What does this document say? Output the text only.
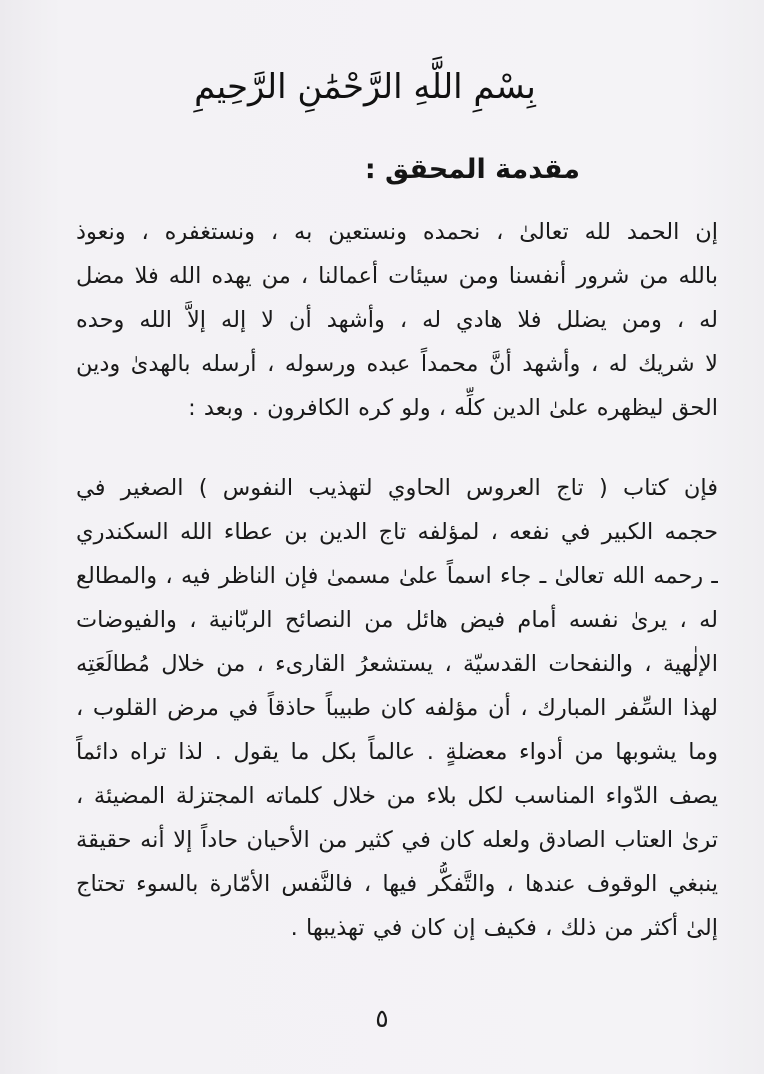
بِسْمِ اللَّهِ الرَّحْمَٰنِ الرَّحِيمِ
مقدمة المحقق :
إن الحمد لله تعالىٰ ، نحمده ونستعين به ، ونستغفره ، ونعوذ
بالله من شرور أنفسنا ومن سيئات أعمالنا ، من يهده الله فلا مضل
له ، ومن يضلل فلا هادي له ، وأشهد أن لا إله إلاَّ الله وحده
لا شريك له ، وأشهد أنَّ محمداً عبده ورسوله ، أرسله بالهدىٰ ودين
الحق ليظهره علىٰ الدين كلِّه ، ولو كره الكافرون . وبعد :
فإن كتاب ( تاج العروس الحاوي لتهذيب النفوس ) الصغير في
حجمه الكبير في نفعه ، لمؤلفه تاج الدين بن عطاء الله السكندري
ـ رحمه الله تعالىٰ ـ جاء اسماً علىٰ مسمىٰ فإن الناظر فيه ، والمطالع
له ، يرىٰ نفسه أمام فيض هائل من النصائح الربّانية ، والفيوضات
الإلٰهية ، والنفحات القدسيّة ، يستشعرُ القارىء ، من خلال مُطالَعَتِه
لهذا السِّفر المبارك ، أن مؤلفه كان طبيباً حاذقاً في مرض القلوب ،
وما يشوبها من أدواء معضلةٍ . عالماً بكل ما يقول . لذا تراه دائماً
يصف الدّواء المناسب لكل بلاء من خلال كلماته المجتزلة المضيئة ،
ترىٰ العتاب الصادق ولعله كان في كثير من الأحيان حاداً إلا أنه حقيقة
ينبغي الوقوف عندها ، والتَّفكُّر فيها ، فالنَّفس الأمّارة بالسوء تحتاج
إلىٰ أكثر من ذلك ، فكيف إن كان في تهذيبها .
٥
